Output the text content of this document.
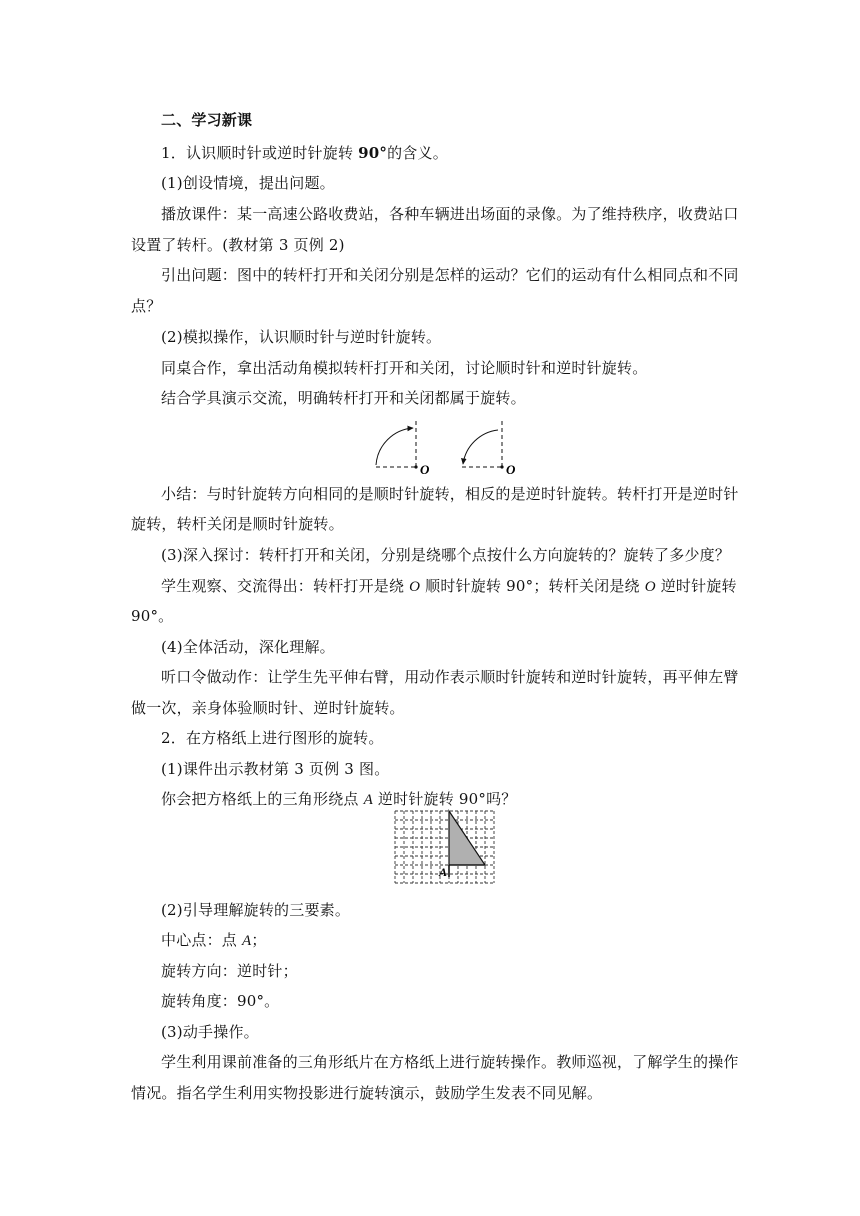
二、学习新课
1．认识顺时针或逆时针旋转 90°的含义。
(1)创设情境，提出问题。
播放课件：某一高速公路收费站，各种车辆进出场面的录像。为了维持秩序，收费站口
设置了转杆。(教材第 3 页例 2)
引出问题：图中的转杆打开和关闭分别是怎样的运动？它们的运动有什么相同点和不同
点？
(2)模拟操作，认识顺时针与逆时针旋转。
同桌合作，拿出活动角模拟转杆打开和关闭，讨论顺时针和逆时针旋转。
结合学具演示交流，明确转杆打开和关闭都属于旋转。
O	O
小结：与时针旋转方向相同的是顺时针旋转，相反的是逆时针旋转。转杆打开是逆时针
旋转，转杆关闭是顺时针旋转。
(3)深入探讨：转杆打开和关闭，分别是绕哪个点按什么方向旋转的？旋转了多少度？
学生观察、交流得出：转杆打开是绕 O 顺时针旋转 90°；转杆关闭是绕 O 逆时针旋转
90°。
(4)全体活动，深化理解。
听口令做动作：让学生先平伸右臂，用动作表示顺时针旋转和逆时针旋转，再平伸左臂
做一次，亲身体验顺时针、逆时针旋转。
2．在方格纸上进行图形的旋转。
(1)课件出示教材第 3 页例 3 图。
你会把方格纸上的三角形绕点 A 逆时针旋转 90°吗？
A
(2)引导理解旋转的三要素。
中心点：点 A；
旋转方向：逆时针；
旋转角度：90°。
(3)动手操作。
学生利用课前准备的三角形纸片在方格纸上进行旋转操作。教师巡视，了解学生的操作
情况。指名学生利用实物投影进行旋转演示，鼓励学生发表不同见解。
